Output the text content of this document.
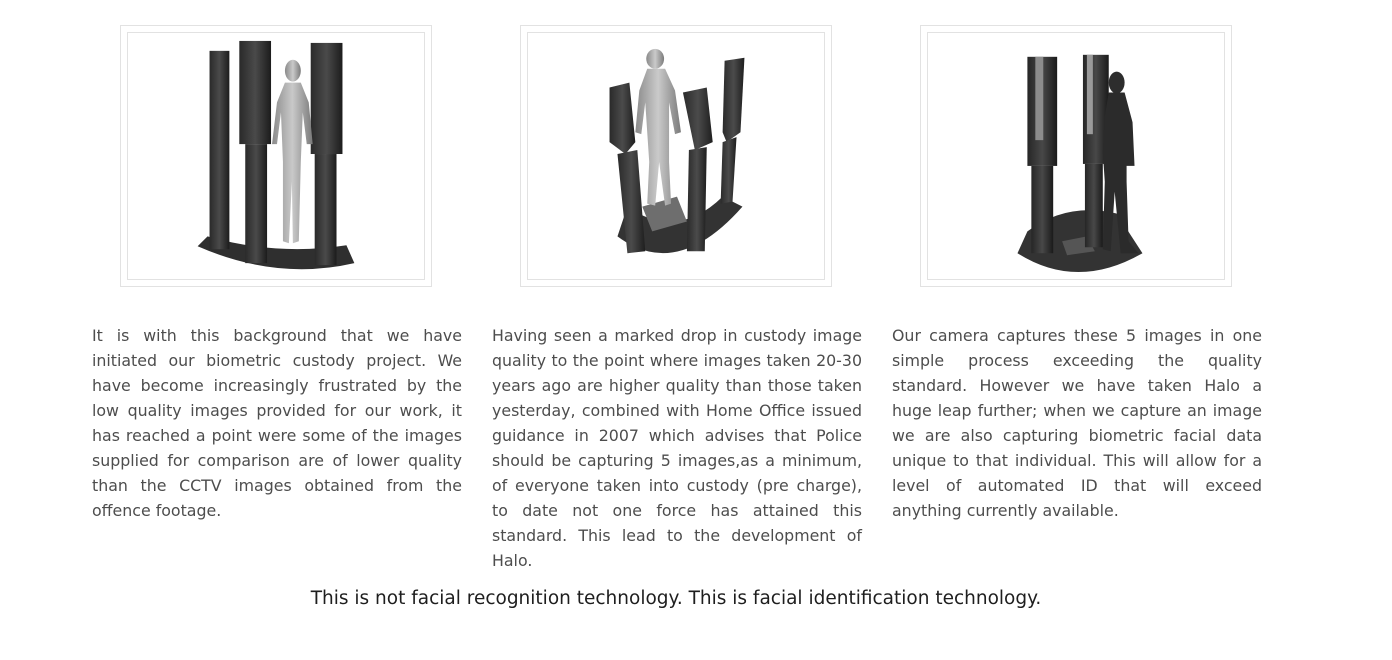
It is with this background that we have initiated our biometric custody project. We have become increasingly frustrated by the low quality images provided for our work, it has reached a point were some of the images supplied for comparison are of lower quality than the CCTV images obtained from the offence footage.
Having seen a marked drop in custody image quality to the point where images taken 20-30 years ago are higher quality than those taken yesterday, combined with Home Office issued guidance in 2007 which advises that Police should be capturing 5 images,as a minimum, of everyone taken into custody (pre charge), to date not one force has attained this standard. This lead to the development of Halo.
Our camera captures these 5 images in one simple process exceeding the quality standard. However we have taken Halo a huge leap further; when we capture an image we are also capturing biometric facial data unique to that individual. This will allow for a level of automated ID that will exceed anything currently available.
This is not facial recognition technology. This is facial identification technology.
